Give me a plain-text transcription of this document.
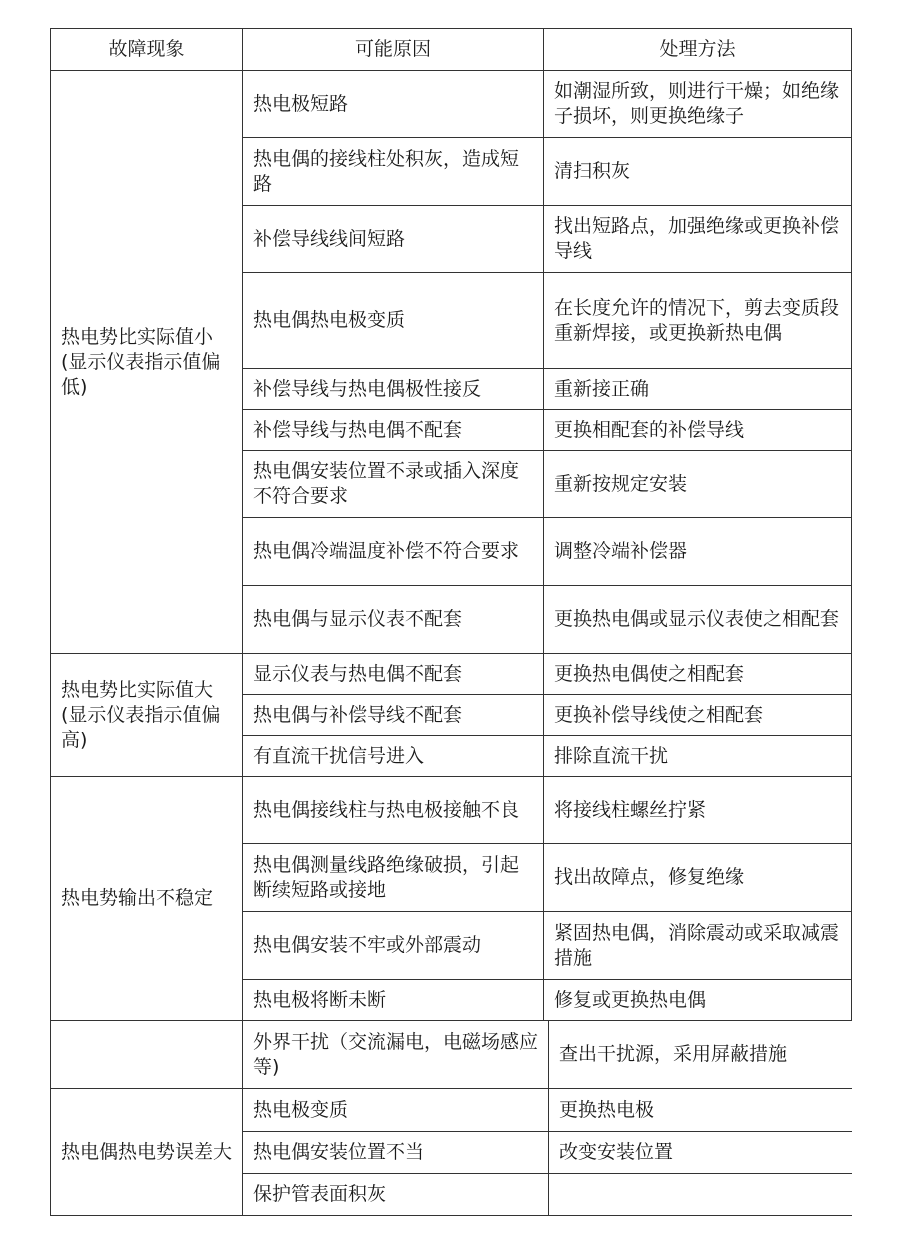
故障现象	可能原因	处理方法
热电势比实际值小(显示仪表指示值偏低)	热电极短路	如潮湿所致，则进行干燥；如绝缘子损坏，则更换绝缘子
	热电偶的接线柱处积灰，造成短路	清扫积灰
	补偿导线线间短路	找出短路点，加强绝缘或更换补偿导线
	热电偶热电极变质	在长度允许的情况下，剪去变质段重新焊接，或更换新热电偶
	补偿导线与热电偶极性接反	重新接正确
	补偿导线与热电偶不配套	更换相配套的补偿导线
	热电偶安装位置不录或插入深度不符合要求	重新按规定安装
	热电偶冷端温度补偿不符合要求	调整冷端补偿器
	热电偶与显示仪表不配套	更换热电偶或显示仪表使之相配套
热电势比实际值大(显示仪表指示值偏高)	显示仪表与热电偶不配套	更换热电偶使之相配套
	热电偶与补偿导线不配套	更换补偿导线使之相配套
	有直流干扰信号进入	排除直流干扰
热电势输出不稳定	热电偶接线柱与热电极接触不良	将接线柱螺丝拧紧
	热电偶测量线路绝缘破损，引起断续短路或接地	找出故障点，修复绝缘
	热电偶安装不牢或外部震动	紧固热电偶，消除震动或采取减震措施
	热电极将断未断	修复或更换热电偶
	外界干扰（交流漏电，电磁场感应等)	查出干扰源，采用屏蔽措施
热电偶热电势误差大	热电极变质	更换热电极
	热电偶安装位置不当	改变安装位置
	保护管表面积灰	
